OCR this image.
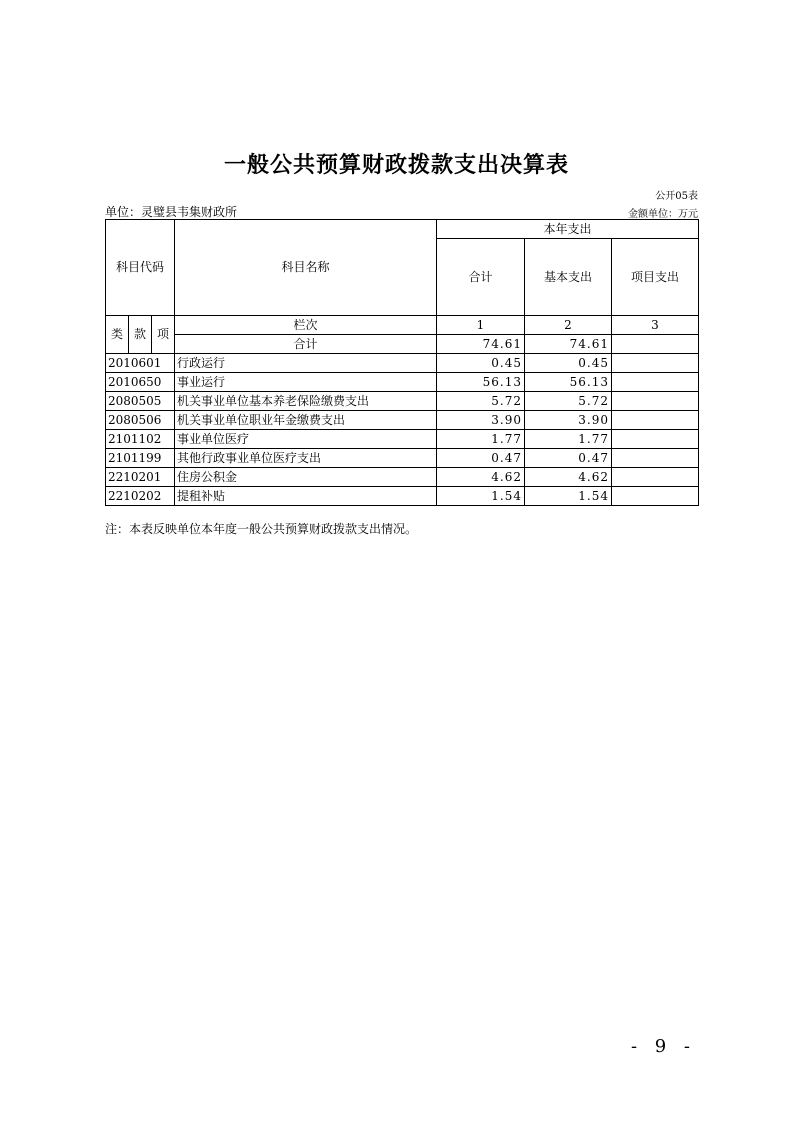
一般公共预算财政拨款支出决算表
公开05表
单位：灵璧县韦集财政所	金额单位：万元
科目代码			科目名称	本年支出		
				合计	基本支出	项目支出
类	款	项	栏次	1	2	3
			合计	74.61	74.61	
2010601			行政运行	0.45	0.45	
2010650			事业运行	56.13	56.13	
2080505			机关事业单位基本养老保险缴费支出	5.72	5.72	
2080506			机关事业单位职业年金缴费支出	3.90	3.90	
2101102			事业单位医疗	1.77	1.77	
2101199			其他行政事业单位医疗支出	0.47	0.47	
2210201			住房公积金	4.62	4.62	
2210202			提租补贴	1.54	1.54	
注：本表反映单位本年度一般公共预算财政拨款支出情况。
- 9 -
